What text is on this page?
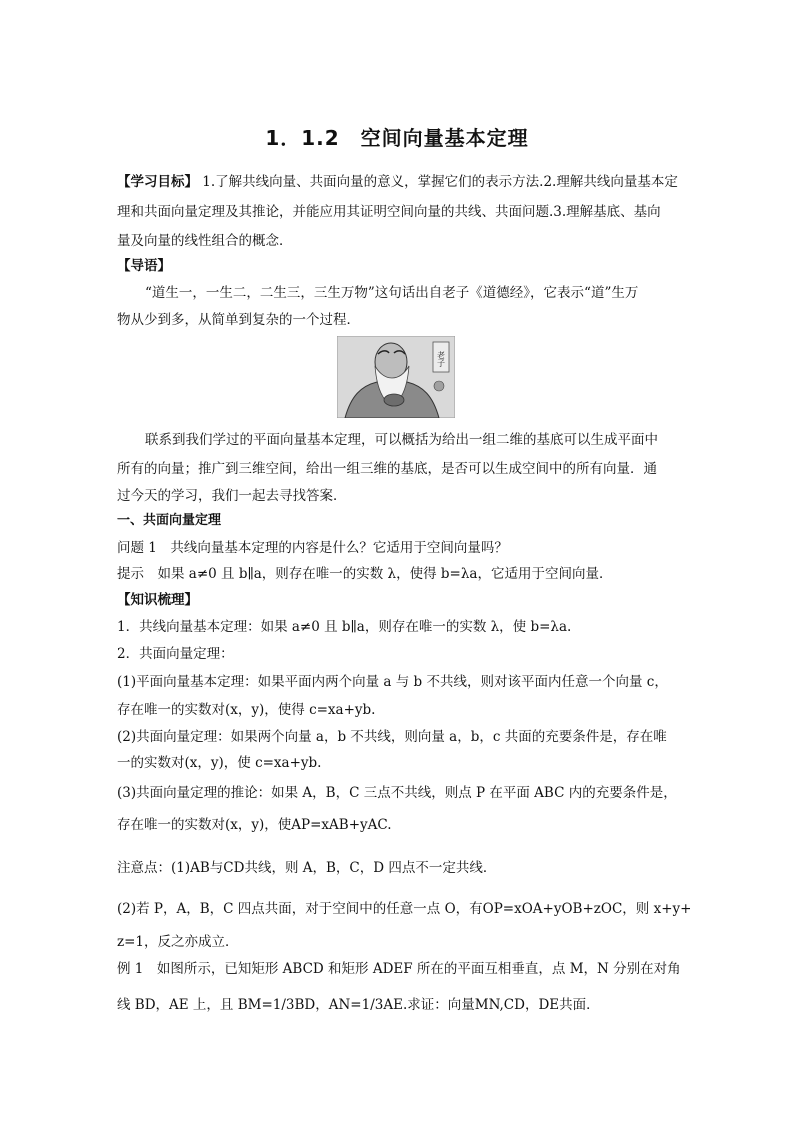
1．1.2　空间向量基本定理
【学习目标】 1.了解共线向量、共面向量的意义，掌握它们的表示方法.2.理解共线向量基本定
理和共面向量定理及其推论，并能应用其证明空间向量的共线、共面问题.3.理解基底、基向
量及向量的线性组合的概念．
【导语】
“道生一，一生二，二生三，三生万物”这句话出自老子《道德经》，它表示“道”生万
物从少到多，从简单到复杂的一个过程．
老子
联系到我们学过的平面向量基本定理，可以概括为给出一组二维的基底可以生成平面中
所有的向量；推广到三维空间，给出一组三维的基底，是否可以生成空间中的所有向量．通
过今天的学习，我们一起去寻找答案．
一、共面向量定理
问题 1　共线向量基本定理的内容是什么？它适用于空间向量吗？
提示　如果 a≠0 且 b∥a，则存在唯一的实数 λ，使得 b=λa，它适用于空间向量．
【知识梳理】
1．共线向量基本定理：如果 a≠0 且 b∥a，则存在唯一的实数 λ，使 b=λa.
2．共面向量定理：
(1)平面向量基本定理：如果平面内两个向量 a 与 b 不共线，则对该平面内任意一个向量 c，
存在唯一的实数对(x，y)，使得 c=xa+yb.
(2)共面向量定理：如果两个向量 a，b 不共线，则向量 a，b，c 共面的充要条件是，存在唯
一的实数对(x，y)，使 c=xa+yb.
(3)共面向量定理的推论：如果 A，B，C 三点不共线，则点 P 在平面 ABC 内的充要条件是，
存在唯一的实数对(x，y)，使AP=xAB+yAC.
注意点：(1)AB与CD共线，则 A，B，C，D 四点不一定共线．
(2)若 P，A，B，C 四点共面，对于空间中的任意一点 O，有OP=xOA+yOB+zOC，则 x+y+
z=1，反之亦成立．
例 1　如图所示，已知矩形 ABCD 和矩形 ADEF 所在的平面互相垂直，点 M，N 分别在对角
线 BD，AE 上，且 BM=1/3BD，AN=1/3AE.求证：向量MN,CD，DE共面．
